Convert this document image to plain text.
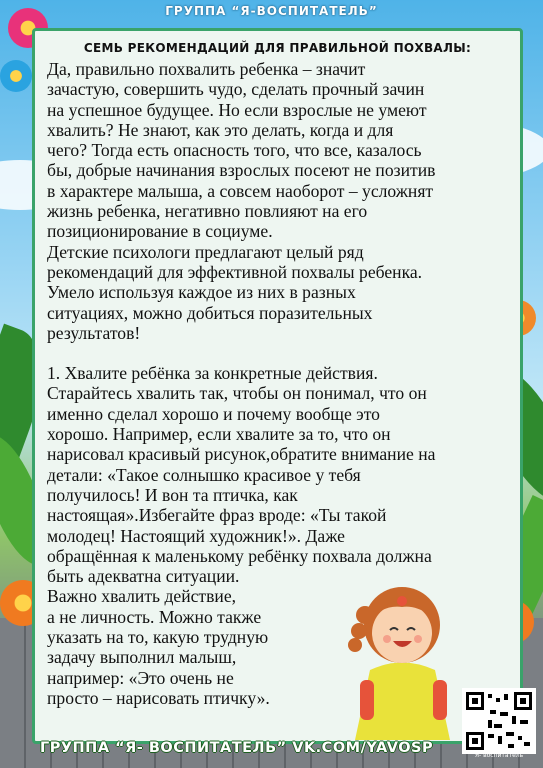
ГРУППА “Я-ВОСПИТАТЕЛЬ”
СЕМЬ РЕКОМЕНДАЦИЙ ДЛЯ ПРАВИЛЬНОЙ ПОХВАЛЫ:

Да, правильно похвалить ребенка – значит
зачастую, совершить чудо, сделать прочный зачин
на успешное будущее. Но если взрослые не умеют
хвалить? Не знают, как это делать, когда и для
чего? Тогда есть опасность того, что все, казалось
бы, добрые начинания взрослых посеют не позитив
в характере малыша, а совсем наоборот – усложнят
жизнь ребенка, негативно повлияют на его
позиционирование в социуме.

Детские психологи предлагают целый ряд
рекомендаций для эффективной похвалы ребенка.
Умело используя каждое из них в разных
ситуациях, можно добиться поразительных
результатов!

1. Хвалите ребёнка за конкретные действия.
Старайтесь хвалить так, чтобы он понимал, что он
именно сделал хорошо и почему вообще это
хорошо. Например, если хвалите за то, что он
нарисовал красивый рисунок,обратите внимание на
детали: «Такое солнышко красивое у тебя
получилось! И вон та птичка, как
настоящая».Избегайте фраз вроде: «Ты такой
молодец! Настоящий художник!». Даже
обращённая к маленькому ребёнку похвала должна
быть адекватна ситуации.

Важно хвалить действие,
а не личность. Можно также
указать на то, какую трудную
задачу выполнил малыш,
например: «Это очень не
просто – нарисовать птичку».

“Я- воспитатель”
ГРУППА “Я- ВОСПИТАТЕЛЬ” VK.COM/YAVOSP
